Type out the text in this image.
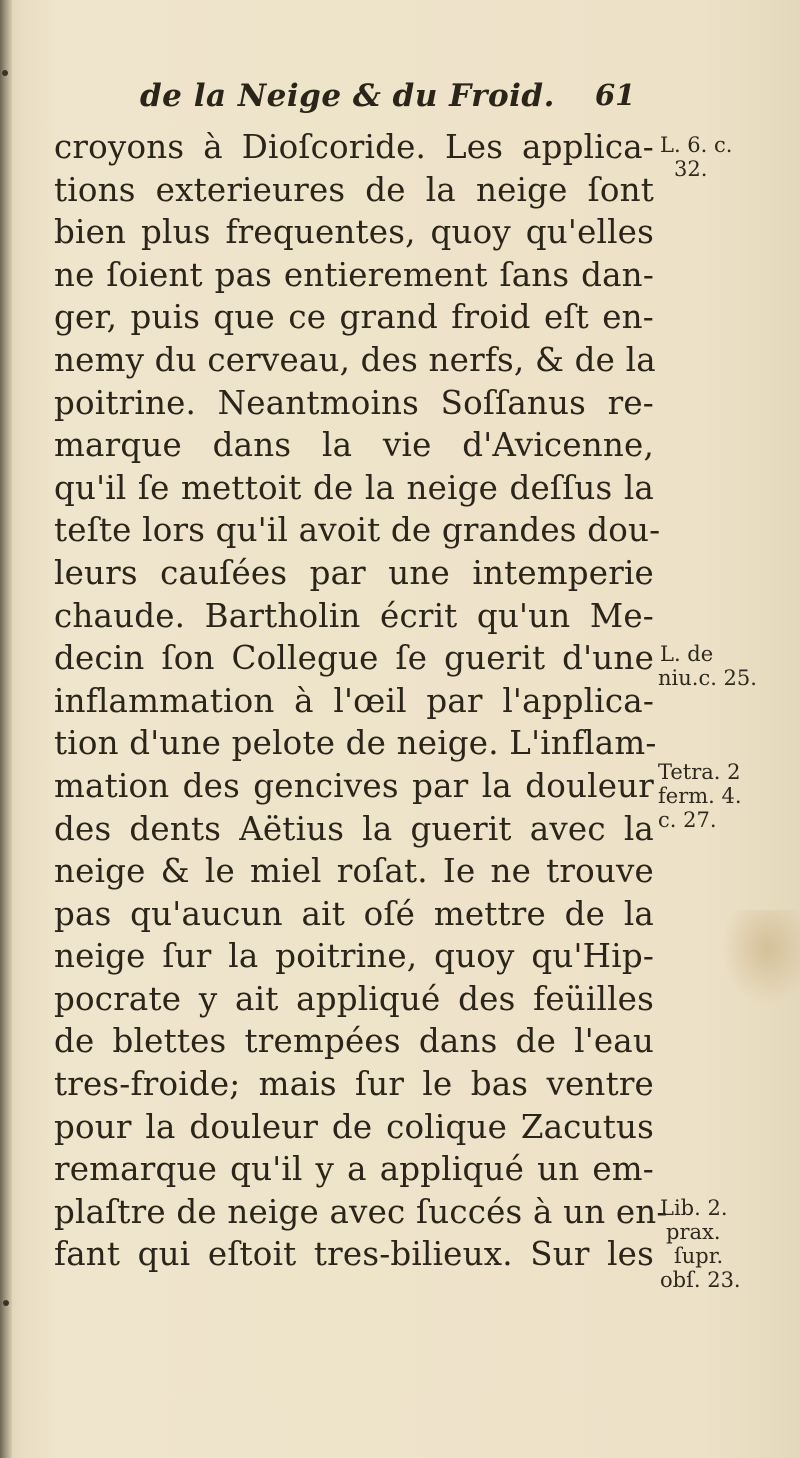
de la Neige & du Froid. 61
croyons à Dioſcoride. Les applica-
tions exterieures de la neige ſont
bien plus frequentes, quoy qu'elles
ne ſoient pas entierement ſans dan-
ger, puis que ce grand froid eſt en-
nemy du cerveau, des nerfs, & de la
poitrine. Neantmoins Soſſanus re-
marque dans la vie d'Avicenne,
qu'il ſe mettoit de la neige deſſus la
teſte lors qu'il avoit de grandes dou-
leurs cauſées par une intemperie
chaude. Bartholin écrit qu'un Me-
decin ſon Collegue ſe guerit d'une
inflammation à l'œil par l'applica-
tion d'une pelote de neige. L'inflam-
mation des gencives par la douleur
des dents Aëtius la guerit avec la
neige & le miel roſat. Ie ne trouve
pas qu'aucun ait oſé mettre de la
neige ſur la poitrine, quoy qu'Hip-
pocrate y ait appliqué des feüilles
de blettes trempées dans de l'eau
tres-froide; mais ſur le bas ventre
pour la douleur de colique Zacutus
remarque qu'il y a appliqué un em-
plaſtre de neige avec ſuccés à un en-
fant qui eſtoit tres-bilieux. Sur les
L. 6. c.
32.
L. de
niu.c. 25.
Tetra. 2
ferm. 4.
c. 27.
Lib. 2.
prax.
ſupr.
obſ. 23.
